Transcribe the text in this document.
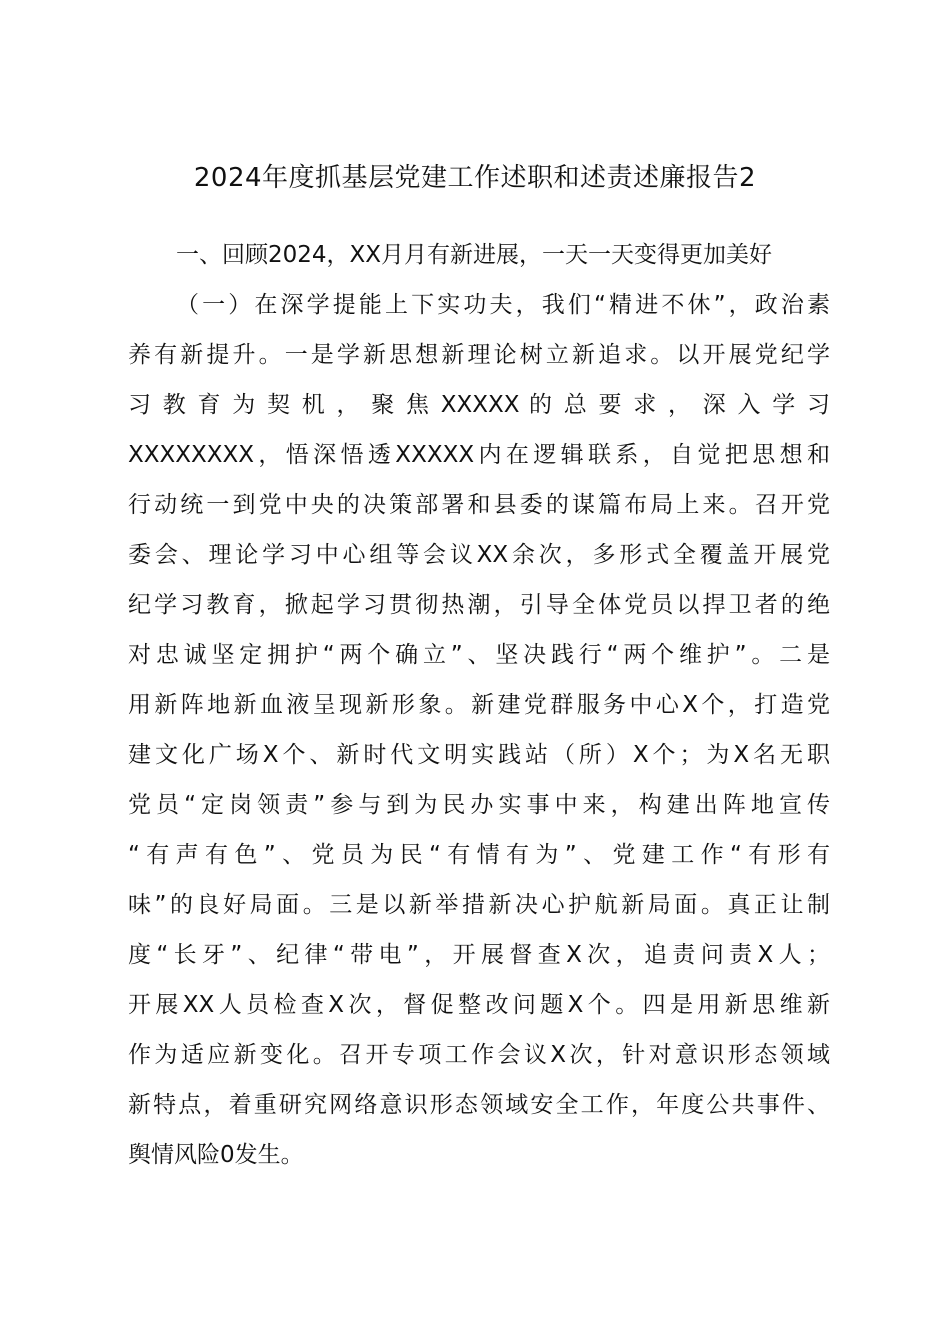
2024年度抓基层党建工作述职和述责述廉报告2
一、回顾2024，XX月月有新进展，一天一天变得更加美好
（一）在深学提能上下实功夫，我们“精进不休”，政治素
养有新提升。一是学新思想新理论树立新追求。以开展党纪学
习 教 育 为 契 机 ， 聚 焦 XXXXX 的 总 要 求 ， 深 入 学 习
XXXXXXXX，悟深悟透XXXXX内在逻辑联系，自觉把思想和
行动统一到党中央的决策部署和县委的谋篇布局上来。召开党
委会、理论学习中心组等会议XX余次，多形式全覆盖开展党
纪学习教育，掀起学习贯彻热潮，引导全体党员以捍卫者的绝
对忠诚坚定拥护“两个确立”、坚决践行“两个维护”。二是
用新阵地新血液呈现新形象。新建党群服务中心X个，打造党
建文化广场X个、新时代文明实践站（所）X个；为X名无职
党员“定岗领责”参与到为民办实事中来，构建出阵地宣传
“有声有色”、党员为民“有情有为”、党建工作“有形有
味”的良好局面。三是以新举措新决心护航新局面。真正让制
度“长牙”、纪律“带电”，开展督查X次，追责问责X人；
开展XX人员检查X次，督促整改问题X个。四是用新思维新
作为适应新变化。召开专项工作会议X次，针对意识形态领域
新特点，着重研究网络意识形态领域安全工作，年度公共事件、
舆情风险0发生。
